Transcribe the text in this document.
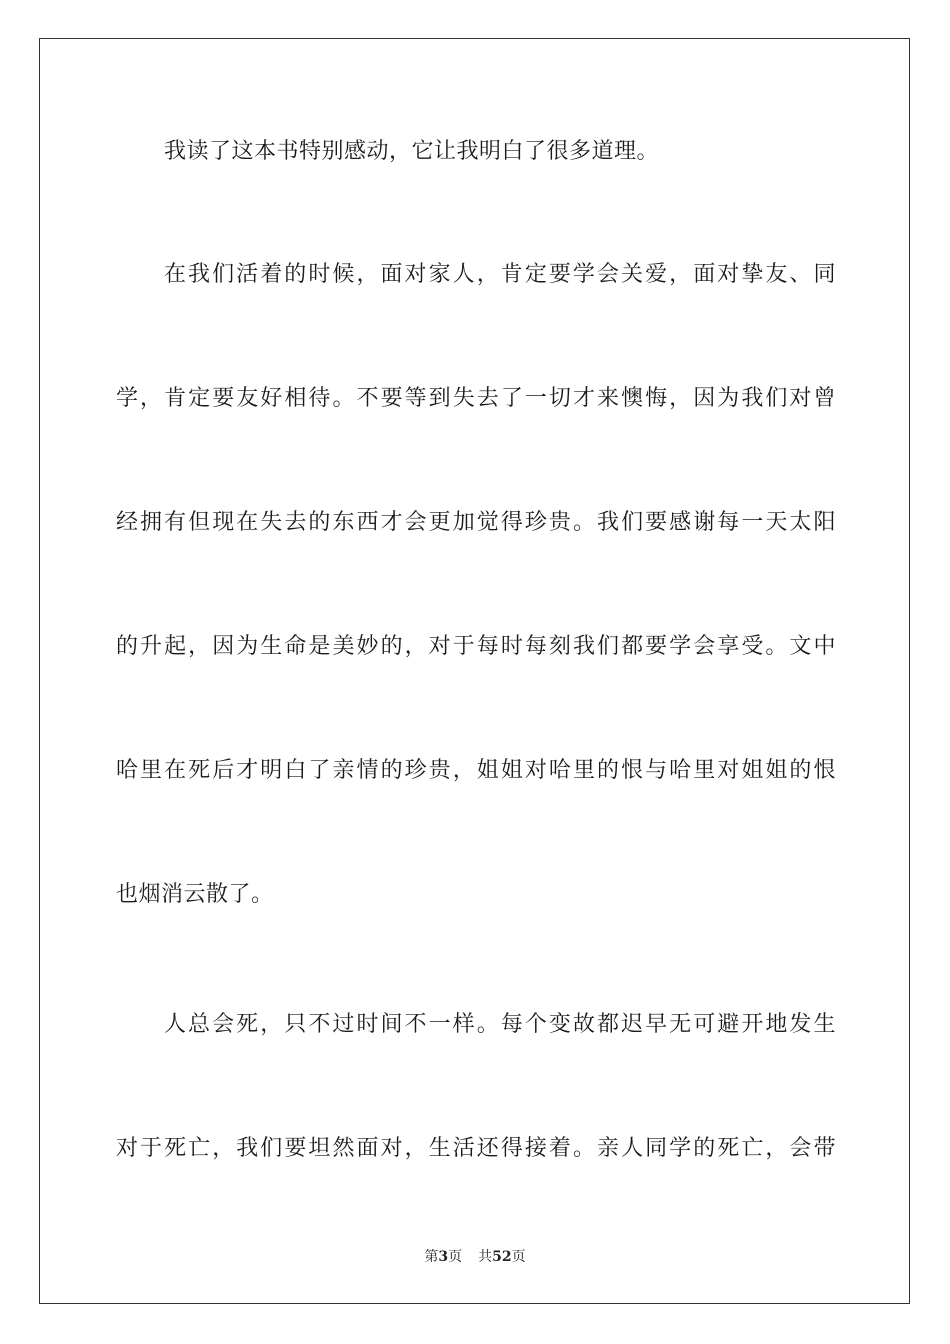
我读了这本书特别感动，它让我明白了很多道理。
在我们活着的时候，面对家人，肯定要学会关爱，面对挚友、同
学，肯定要友好相待。不要等到失去了一切才来懊悔，因为我们对曾
经拥有但现在失去的东西才会更加觉得珍贵。我们要感谢每一天太阳
的升起，因为生命是美妙的，对于每时每刻我们都要学会享受。文中
哈里在死后才明白了亲情的珍贵，姐姐对哈里的恨与哈里对姐姐的恨
也烟消云散了。
人总会死，只不过时间不一样。每个变故都迟早无可避开地发生
对于死亡，我们要坦然面对，生活还得接着。亲人同学的死亡，会带
第3页 共52页
